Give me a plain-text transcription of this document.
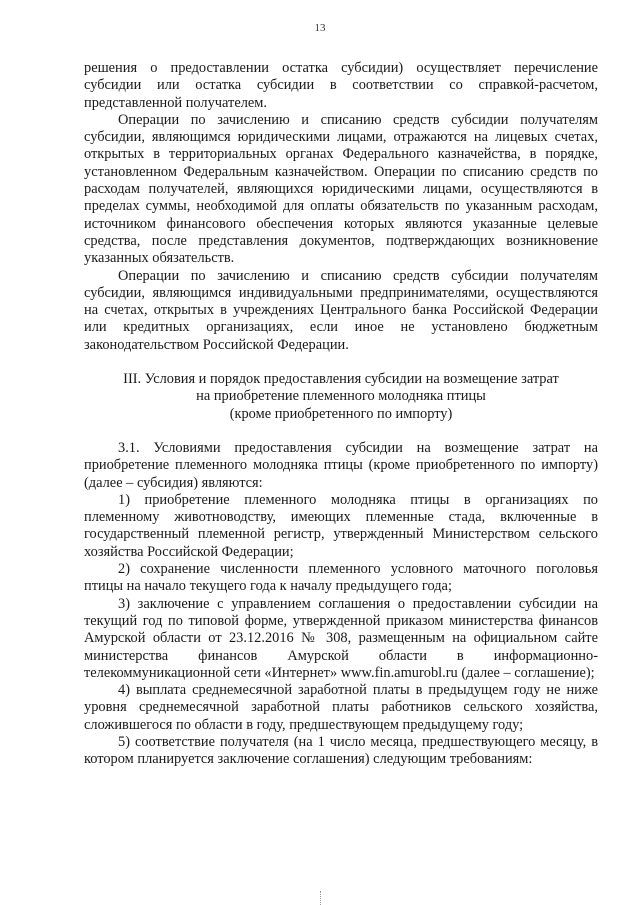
13

решения о предоставлении остатка субсидии) осуществляет перечисление субсидии или остатка субсидии в соответствии со справкой-расчетом, представленной получателем.

Операции по зачислению и списанию средств субсидии получателям субсидии, являющимся юридическими лицами, отражаются на лицевых счетах, открытых в территориальных органах Федерального казначейства, в порядке, установленном Федеральным казначейством. Операции по списанию средств по расходам получателей, являющихся юридическими лицами, осуществляются в пределах суммы, необходимой для оплаты обязательств по указанным расходам, источником финансового обеспечения которых являются указанные целевые средства, после представления документов, подтверждающих возникновение указанных обязательств.

Операции по зачислению и списанию средств субсидии получателям субсидии, являющимся индивидуальными предпринимателями, осуществляются на счетах, открытых в учреждениях Центрального банка Российской Федерации или кредитных организациях, если иное не установлено бюджетным законодательством Российской Федерации.

III. Условия и порядок предоставления субсидии на возмещение затрат
на приобретение племенного молодняка птицы
(кроме приобретенного по импорту)

3.1. Условиями предоставления субсидии на возмещение затрат на приобретение племенного молодняка птицы (кроме приобретенного по импорту) (далее – субсидия) являются:

1) приобретение племенного молодняка птицы в организациях по племенному животноводству, имеющих племенные стада, включенные в государственный племенной регистр, утвержденный Министерством сельского хозяйства Российской Федерации;

2) сохранение численности племенного условного маточного поголовья птицы на начало текущего года к началу предыдущего года;

3) заключение с управлением соглашения о предоставлении субсидии на текущий год по типовой форме, утвержденной приказом министерства финансов Амурской области от 23.12.2016 № 308, размещенным на официальном сайте министерства финансов Амурской области в информационно-телекоммуникационной сети «Интернет» www.fin.amurobl.ru (далее – соглашение);

4) выплата среднемесячной заработной платы в предыдущем году не ниже уровня среднемесячной заработной платы работников сельского хозяйства, сложившегося по области в году, предшествующем предыдущему году;

5) соответствие получателя (на 1 число месяца, предшествующего месяцу, в котором планируется заключение соглашения) следующим требованиям:
